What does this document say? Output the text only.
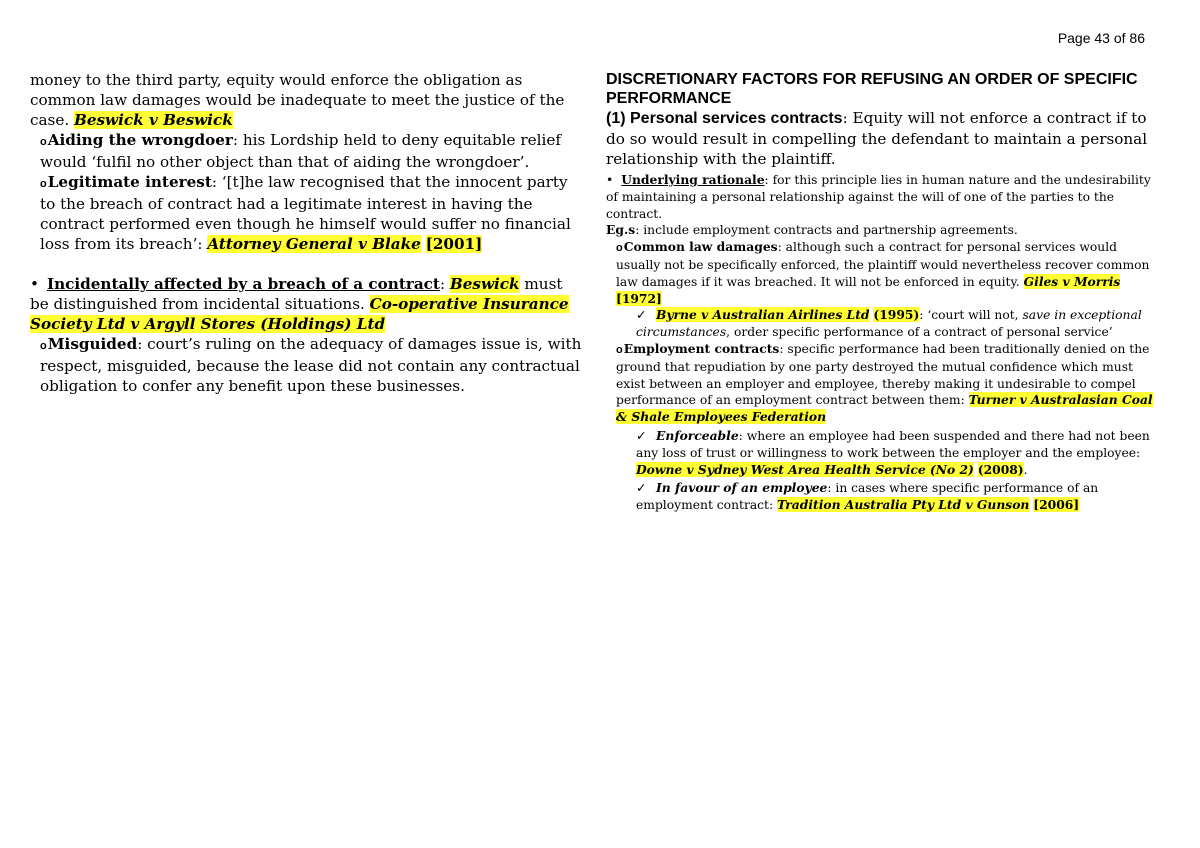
Page 43 of 86

money to the third party, equity would enforce the obligation as common law damages would be inadequate to meet the justice of the case. Beswick v Beswick

oAiding the wrongdoer: his Lordship held to deny equitable relief would ‘fulfil no other object than that of aiding the wrongdoer’.

oLegitimate interest: ‘[t]he law recognised that the innocent party to the breach of contract had a legitimate interest in having the contract performed even though he himself would suffer no financial loss from its breach’: Attorney General v Blake [2001]

• Incidentally affected by a breach of a contract: Beswick must be distinguished from incidental situations. Co-operative Insurance Society Ltd v Argyll Stores (Holdings) Ltd

oMisguided: court’s ruling on the adequacy of damages issue is, with respect, misguided, because the lease did not contain any contractual obligation to confer any benefit upon these businesses.

DISCRETIONARY FACTORS FOR REFUSING AN ORDER OF SPECIFIC PERFORMANCE

(1) Personal services contracts: Equity will not enforce a contract if to do so would result in compelling the defendant to maintain a personal relationship with the plaintiff.

• Underlying rationale: for this principle lies in human nature and the undesirability of maintaining a personal relationship against the will of one of the parties to the contract.

Eg.s: include employment contracts and partnership agreements.

oCommon law damages: although such a contract for personal services would usually not be specifically enforced, the plaintiff would nevertheless recover common law damages if it was breached. It will not be enforced in equity. Giles v Morris [1972]

✓ Byrne v Australian Airlines Ltd (1995): ‘court will not, save in exceptional circumstances, order specific performance of a contract of personal service’

oEmployment contracts: specific performance had been traditionally denied on the ground that repudiation by one party destroyed the mutual confidence which must exist between an employer and employee, thereby making it undesirable to compel performance of an employment contract between them: Turner v Australasian Coal & Shale Employees Federation

✓ Enforceable: where an employee had been suspended and there had not been any loss of trust or willingness to work between the employer and the employee: Downe v Sydney West Area Health Service (No 2) (2008).

✓ In favour of an employee: in cases where specific performance of an employment contract: Tradition Australia Pty Ltd v Gunson [2006]
